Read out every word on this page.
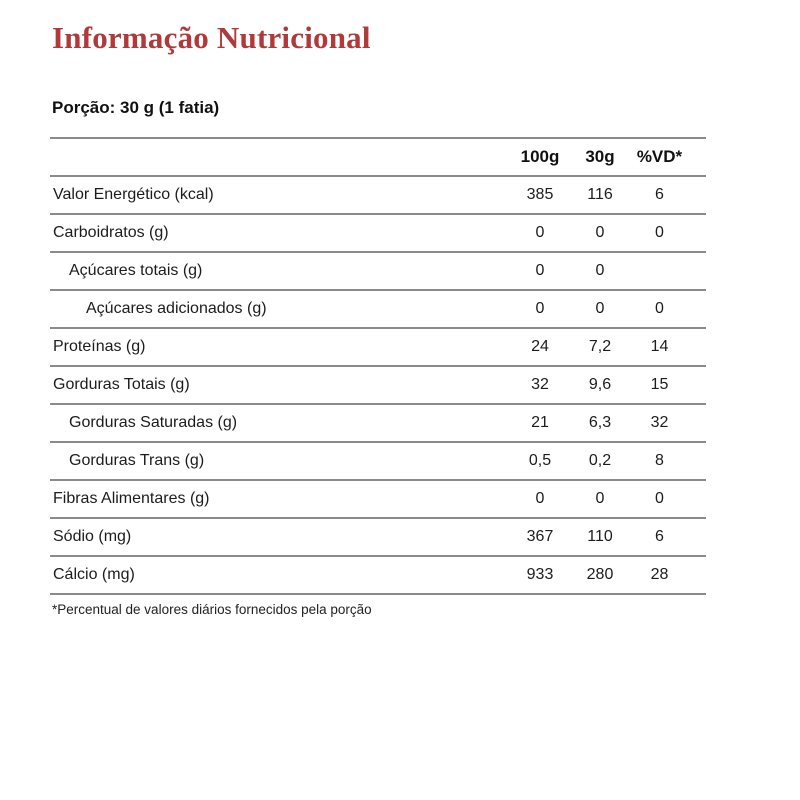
Informação Nutricional
Porção: 30 g (1 fatia)
	100g	30g	%VD*
Valor Energético (kcal)	385	116	6
Carboidratos (g)	0	0	0
Açúcares totais (g)	0	0	
Açúcares adicionados (g)	0	0	0
Proteínas (g)	24	7,2	14
Gorduras Totais (g)	32	9,6	15
Gorduras Saturadas (g)	21	6,3	32
Gorduras Trans (g)	0,5	0,2	8
Fibras Alimentares (g)	0	0	0
Sódio (mg)	367	110	6
Cálcio (mg)	933	280	28
*Percentual de valores diários fornecidos pela porção
